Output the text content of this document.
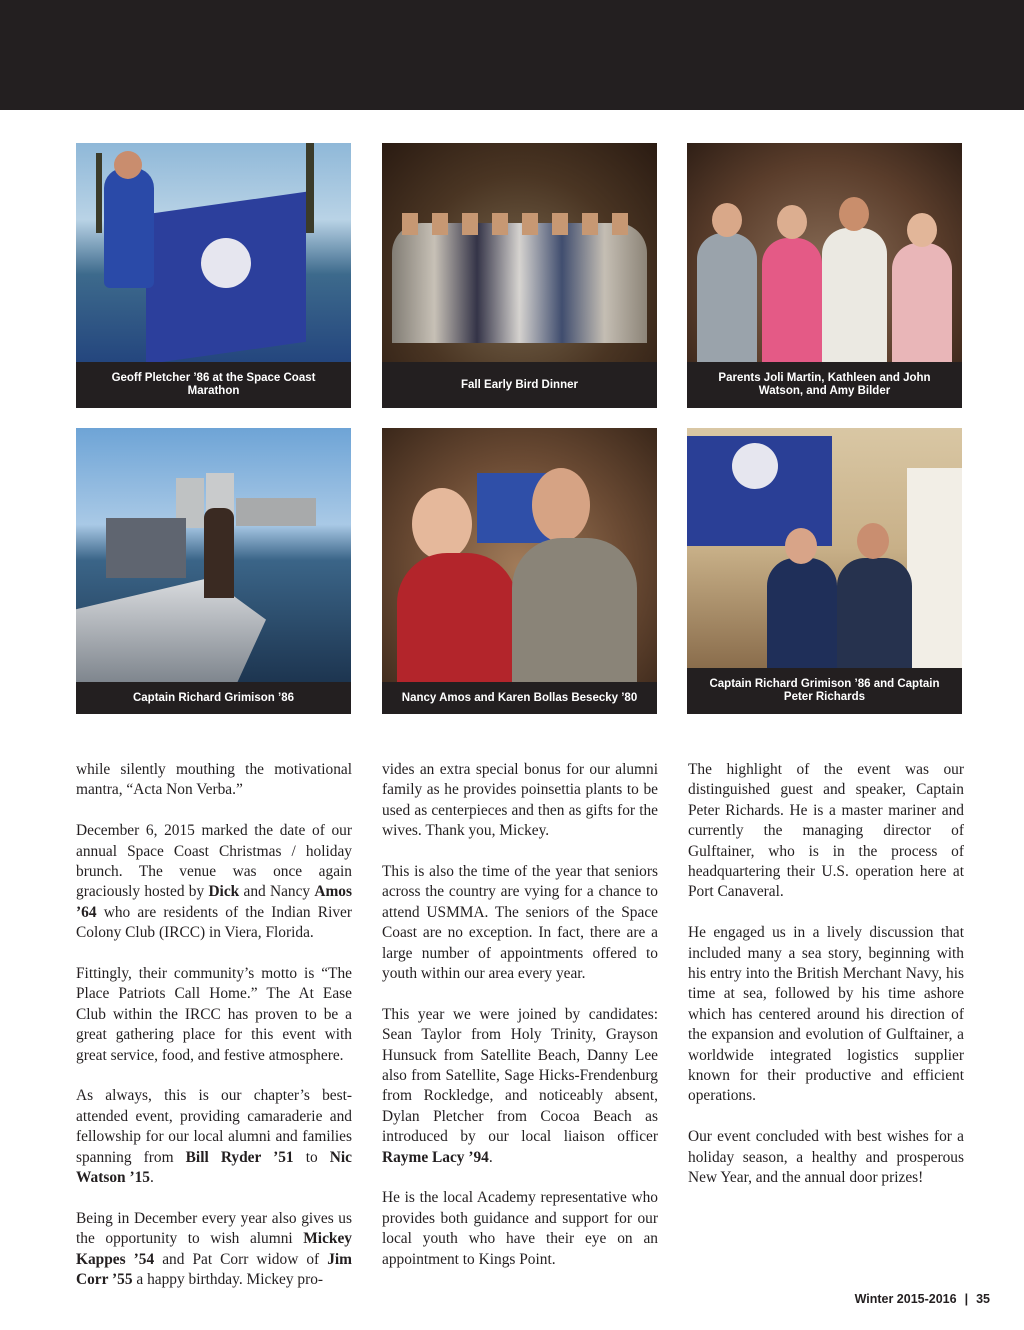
Geoff Pletcher ’86 at the Space Coast Marathon
Fall Early Bird Dinner
Parents Joli Martin, Kathleen and John Watson, and Amy Bilder
Captain Richard Grimison ’86	Nancy Amos and Karen Bollas Besecky ’80
Captain Richard Grimison ’86 and Captain Peter Richards

while silently mouthing the motivational mantra, “Acta Non Verba.”

December 6, 2015 marked the date of our annual Space Coast Christmas / holiday brunch. The venue was once again graciously hosted by Dick and Nancy Amos ’64 who are residents of the Indian River Colony Club (IRCC) in Viera, Florida.

Fittingly, their community’s motto is “The Place Patriots Call Home.” The At Ease Club within the IRCC has proven to be a great gathering place for this event with great service, food, and festive atmosphere.

As always, this is our chapter’s best-attended event, providing camaraderie and fellowship for our local alumni and families spanning from Bill Ryder ’51 to Nic Watson ’15.

Being in December every year also gives us the opportunity to wish alumni Mickey Kappes ’54 and Pat Corr widow of Jim Corr ’55 a happy birthday. Mickey pro-

vides an extra special bonus for our alumni family as he provides poinsettia plants to be used as centerpieces and then as gifts for the wives. Thank you, Mickey.

This is also the time of the year that seniors across the country are vying for a chance to attend USMMA. The seniors of the Space Coast are no exception. In fact, there are a large number of appointments offered to youth within our area every year.

This year we were joined by candidates: Sean Taylor from Holy Trinity, Grayson Hunsuck from Satellite Beach, Danny Lee also from Satellite, Sage Hicks-Frendenburg from Rockledge, and noticeably absent, Dylan Pletcher from Cocoa Beach as introduced by our local liaison officer Rayme Lacy ’94.

He is the local Academy representative who provides both guidance and support for our local youth who have their eye on an appointment to Kings Point.

The highlight of the event was our distinguished guest and speaker, Captain Peter Richards. He is a master mariner and currently the managing director of Gulftainer, who is in the process of headquartering their U.S. operation here at Port Canaveral.

He engaged us in a lively discussion that included many a sea story, beginning with his entry into the British Merchant Navy, his time at sea, followed by his time ashore which has centered around his direction of the expansion and evolution of Gulftainer, a worldwide integrated logistics supplier known for their productive and efficient operations.

Our event concluded with best wishes for a holiday season, a healthy and prosperous New Year, and the annual door prizes!

Winter 2015-2016 | 35
